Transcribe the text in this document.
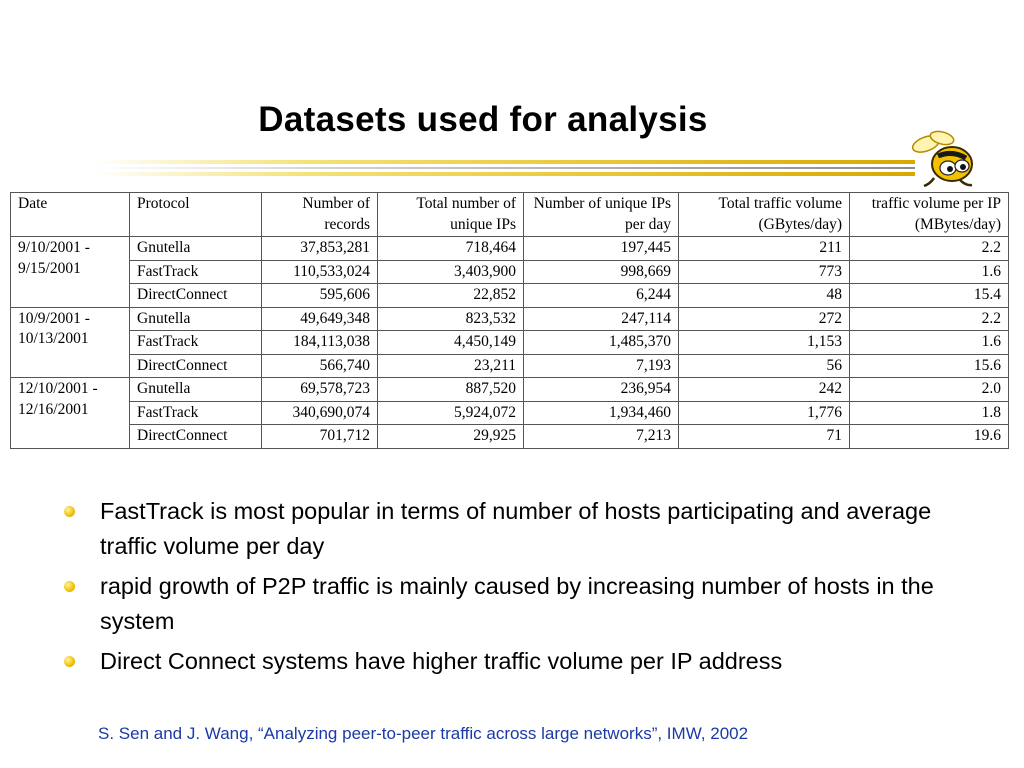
Datasets used for analysis
Date	Protocol	Number of records	Total number of unique IPs	Number of unique IPs per day	Total traffic volume (GBytes/day)	traffic volume per IP (MBytes/day)
9/10/2001 - 9/15/2001	Gnutella	37,853,281	718,464	197,445	211	2.2
	FastTrack	110,533,024	3,403,900	998,669	773	1.6
	DirectConnect	595,606	22,852	6,244	48	15.4
10/9/2001 - 10/13/2001	Gnutella	49,649,348	823,532	247,114	272	2.2
	FastTrack	184,113,038	4,450,149	1,485,370	1,153	1.6
	DirectConnect	566,740	23,211	7,193	56	15.6
12/10/2001 - 12/16/2001	Gnutella	69,578,723	887,520	236,954	242	2.0
	FastTrack	340,690,074	5,924,072	1,934,460	1,776	1.8
	DirectConnect	701,712	29,925	7,213	71	19.6
FastTrack is most popular in terms of number of hosts participating and average traffic volume per day
rapid growth of P2P traffic is mainly caused by increasing number of hosts in the system
Direct Connect systems have higher traffic volume per IP address
S. Sen and J. Wang, “Analyzing peer-to-peer traffic across large networks”, IMW, 2002
